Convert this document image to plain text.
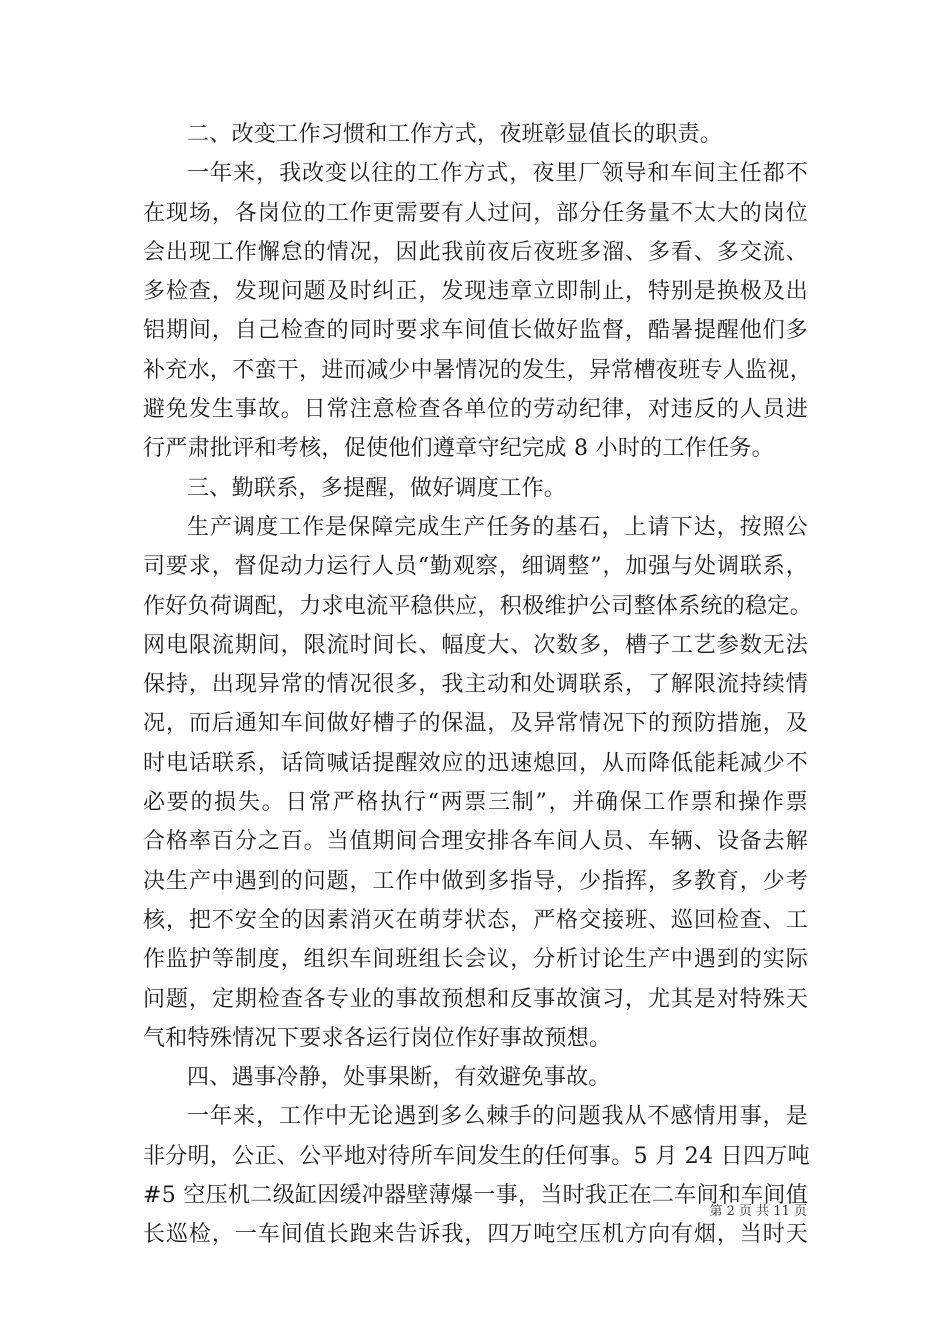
二、改变工作习惯和工作方式，夜班彰显值长的职责。
一年来，我改变以往的工作方式，夜里厂领导和车间主任都不
在现场，各岗位的工作更需要有人过问，部分任务量不太大的岗位
会出现工作懈怠的情况，因此我前夜后夜班多溜、多看、多交流、
多检查，发现问题及时纠正，发现违章立即制止，特别是换极及出
铝期间，自己检查的同时要求车间值长做好监督，酷暑提醒他们多
补充水，不蛮干，进而减少中暑情况的发生，异常槽夜班专人监视，
避免发生事故。日常注意检查各单位的劳动纪律，对违反的人员进
行严肃批评和考核，促使他们遵章守纪完成 8 小时的工作任务。
三、勤联系，多提醒，做好调度工作。
生产调度工作是保障完成生产任务的基石，上请下达，按照公
司要求，督促动力运行人员“勤观察，细调整”，加强与处调联系，
作好负荷调配，力求电流平稳供应，积极维护公司整体系统的稳定。
网电限流期间，限流时间长、幅度大、次数多，槽子工艺参数无法
保持，出现异常的情况很多，我主动和处调联系，了解限流持续情
况，而后通知车间做好槽子的保温，及异常情况下的预防措施，及
时电话联系，话筒喊话提醒效应的迅速熄回，从而降低能耗减少不
必要的损失。日常严格执行“两票三制”，并确保工作票和操作票
合格率百分之百。当值期间合理安排各车间人员、车辆、设备去解
决生产中遇到的问题，工作中做到多指导，少指挥，多教育，少考
核，把不安全的因素消灭在萌芽状态，严格交接班、巡回检查、工
作监护等制度，组织车间班组长会议，分析讨论生产中遇到的实际
问题，定期检查各专业的事故预想和反事故演习，尤其是对特殊天
气和特殊情况下要求各运行岗位作好事故预想。
四、遇事冷静，处事果断，有效避免事故。
一年来，工作中无论遇到多么棘手的问题我从不感情用事，是
非分明，公正、公平地对待所车间发生的任何事。5 月 24 日四万吨
#5 空压机二级缸因缓冲器壁薄爆一事，当时我正在二车间和车间值
长巡检，一车间值长跑来告诉我，四万吨空压机方向有烟，当时天
第 2 页 共 11 页
